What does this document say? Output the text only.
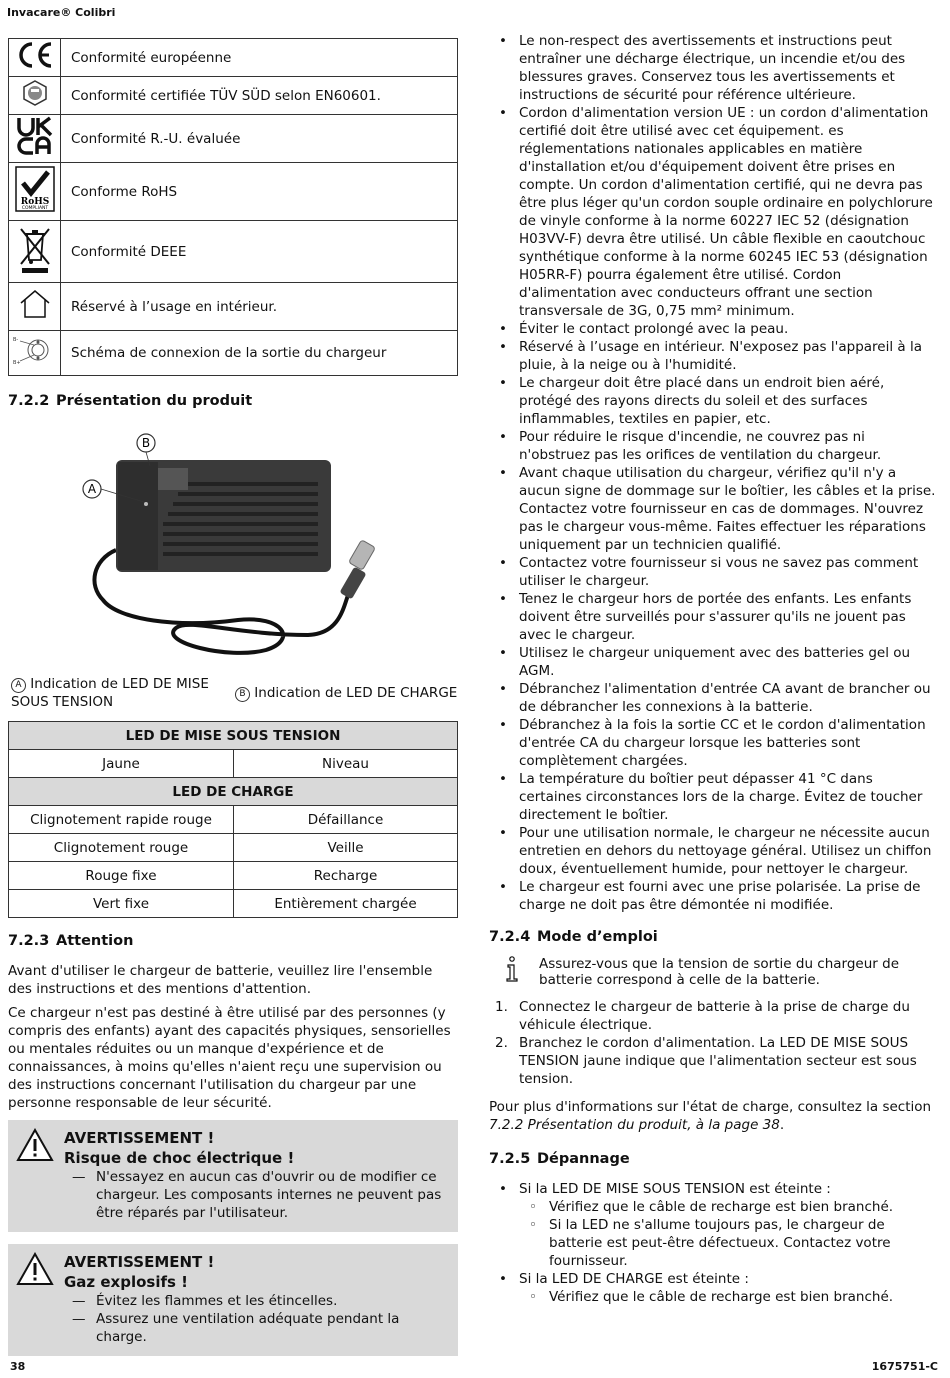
Invacare® Colibri
	Conformité européenne
	Conformité certifiée TÜV SÜD selon EN60601.
	Conformité R.-U. évaluée

RoHS
COMPLIANT	Conforme RoHS
	Conformité DEEE
	Réservé à l’usage en intérieur.

B-
B+	Schéma de connexion de la sortie du chargeur
7.2.2 Présentation du produit
B
A
A Indication de LED DE MISE SOUS TENSION	B Indication de LED DE CHARGE
LED DE MISE SOUS TENSION	
Jaune	Niveau
LED DE CHARGE	
Clignotement rapide rouge	Défaillance
Clignotement rouge	Veille
Rouge fixe	Recharge
Vert fixe	Entièrement chargée
7.2.3 Attention

Avant d'utiliser le chargeur de batterie, veuillez lire l'ensemble des instructions et des mentions d'attention.

Ce chargeur n'est pas destiné à être utilisé par des personnes (y compris des enfants) ayant des capacités physiques, sensorielles ou mentales réduites ou un manque d'expérience et de connaissances, à moins qu'elles n'aient reçu une supervision ou des instructions concernant l'utilisation du chargeur par une personne responsable de leur sécurité.

AVERTISSEMENT !
Risque de choc électrique !
— N'essayez en aucun cas d'ouvrir ou de modifier ce chargeur. Les composants internes ne peuvent pas être réparés par l'utilisateur.
AVERTISSEMENT !
Gaz explosifs !
— Évitez les flammes et les étincelles.
— Assurez une ventilation adéquate pendant la charge.
• Le non-respect des avertissements et instructions peut entraîner une décharge électrique, un incendie et/ou des blessures graves. Conservez tous les avertissements et instructions de sécurité pour référence ultérieure.
• Cordon d'alimentation version UE : un cordon d'alimentation certifié doit être utilisé avec cet équipement. es réglementations nationales applicables en matière d'installation et/ou d'équipement doivent être prises en compte. Un cordon d'alimentation certifié, qui ne devra pas être plus léger qu'un cordon souple ordinaire en polychlorure de vinyle conforme à la norme 60227 IEC 52 (désignation H03VV-F) devra être utilisé. Un câble flexible en caoutchouc synthétique conforme à la norme 60245 IEC 53 (désignation H05RR-F) pourra également être utilisé. Cordon d'alimentation avec conducteurs offrant une section transversale de 3G, 0,75 mm² minimum.
• Éviter le contact prolongé avec la peau.
• Réservé à l’usage en intérieur. N'exposez pas l'appareil à la pluie, à la neige ou à l'humidité.
• Le chargeur doit être placé dans un endroit bien aéré, protégé des rayons directs du soleil et des surfaces inflammables, textiles en papier, etc.
• Pour réduire le risque d'incendie, ne couvrez pas ni n'obstruez pas les orifices de ventilation du chargeur.
• Avant chaque utilisation du chargeur, vérifiez qu'il n'y a aucun signe de dommage sur le boîtier, les câbles et la prise. Contactez votre fournisseur en cas de dommages. N'ouvrez pas le chargeur vous-même. Faites effectuer les réparations uniquement par un technicien qualifié.
• Contactez votre fournisseur si vous ne savez pas comment utiliser le chargeur.
• Tenez le chargeur hors de portée des enfants. Les enfants doivent être surveillés pour s'assurer qu'ils ne jouent pas avec le chargeur.
• Utilisez le chargeur uniquement avec des batteries gel ou AGM.
• Débranchez l'alimentation d'entrée CA avant de brancher ou de débrancher les connexions à la batterie.
• Débranchez à la fois la sortie CC et le cordon d'alimentation d'entrée CA du chargeur lorsque les batteries sont complètement chargées.
• La température du boîtier peut dépasser 41 °C dans certaines circonstances lors de la charge. Évitez de toucher directement le boîtier.
• Pour une utilisation normale, le chargeur ne nécessite aucun entretien en dehors du nettoyage général. Utilisez un chiffon doux, éventuellement humide, pour nettoyer le chargeur.
• Le chargeur est fourni avec une prise polarisée. La prise de charge ne doit pas être démontée ni modifiée.
7.2.4 Mode d’emploi
Assurez-vous que la tension de sortie du chargeur de batterie correspond à celle de la batterie.
1. Connectez le chargeur de batterie à la prise de charge du véhicule électrique.
2. Branchez le cordon d'alimentation. La LED DE MISE SOUS TENSION jaune indique que l'alimentation secteur est sous tension.

Pour plus d'informations sur l'état de charge, consultez la section 7.2.2 Présentation du produit, à la page 38.

7.2.5 Dépannage
• Si la LED DE MISE SOUS TENSION est éteinte :
◦ Vérifiez que le câble de recharge est bien branché.
◦ Si la LED ne s'allume toujours pas, le chargeur de batterie est peut-être défectueux. Contactez votre fournisseur.
• Si la LED DE CHARGE est éteinte :
◦ Vérifiez que le câble de recharge est bien branché.
38	1675751-C
